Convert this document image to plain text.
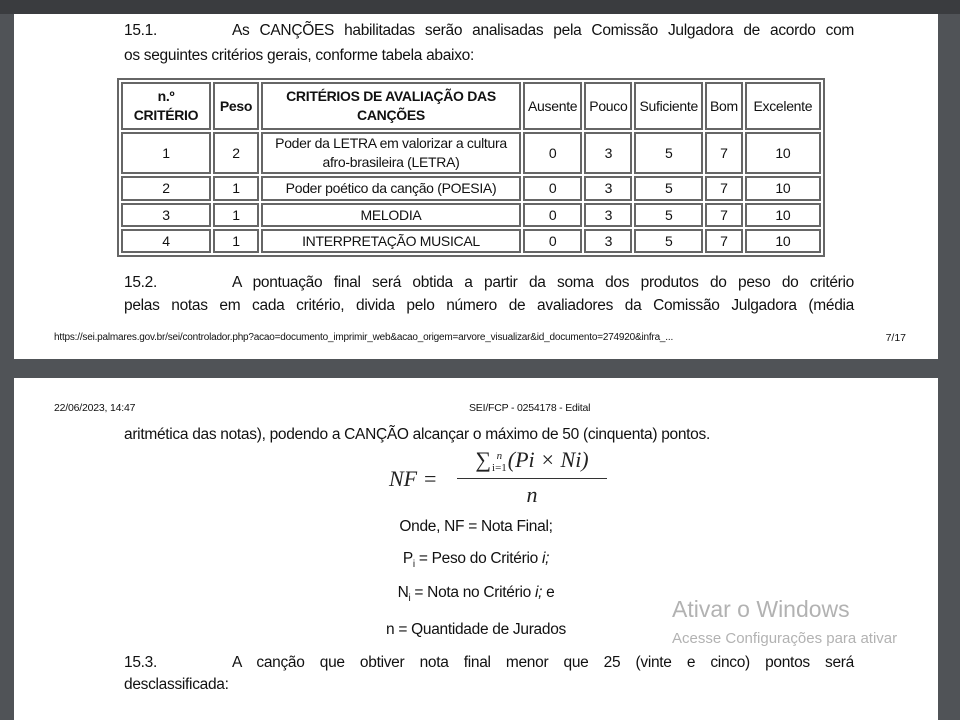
15.1.	As CANÇÕES habilitadas serão analisadas pela Comissão Julgadora de acordo com
os seguintes critérios gerais, conforme tabela abaixo:
n.º CRITÉRIO	Peso	CRITÉRIOS DE AVALIAÇÃO DAS CANÇÕES	Ausente	Pouco	Suficiente	Bom	Excelente
1	2	Poder da LETRA em valorizar a cultura afro-brasileira (LETRA)	0	3	5	7	10
2	1	Poder poético da canção (POESIA)	0	3	5	7	10
3	1	MELODIA	0	3	5	7	10
4	1	INTERPRETAÇÃO MUSICAL	0	3	5	7	10
15.2.	A pontuação final será obtida a partir da soma dos produtos do peso do critério
pelas notas em cada critério, divida pelo número de avaliadores da Comissão Julgadora (média
https://sei.palmares.gov.br/sei/controlador.php?acao=documento_imprimir_web&acao_origem=arvore_visualizar&id_documento=274920&infra_...	7/17
22/06/2023, 14:47	SEI/FCP - 0254178 - Edital
aritmética das notas), podendo a CANÇÃO alcançar o máximo de 50 (cinquenta) pontos.
NF =
∑ n
i=1 (Pi × Ni)
n
Onde, NF = Nota Final;
$P_i$ = Peso do Critério i;
$N_i$ = Nota no Critério i; e
n = Quantidade de Jurados
15.3.	A canção que obtiver nota final menor que 25 (vinte e cinco) pontos será
desclassificada:
Ativar o Windows
Acesse Configurações para ativar
